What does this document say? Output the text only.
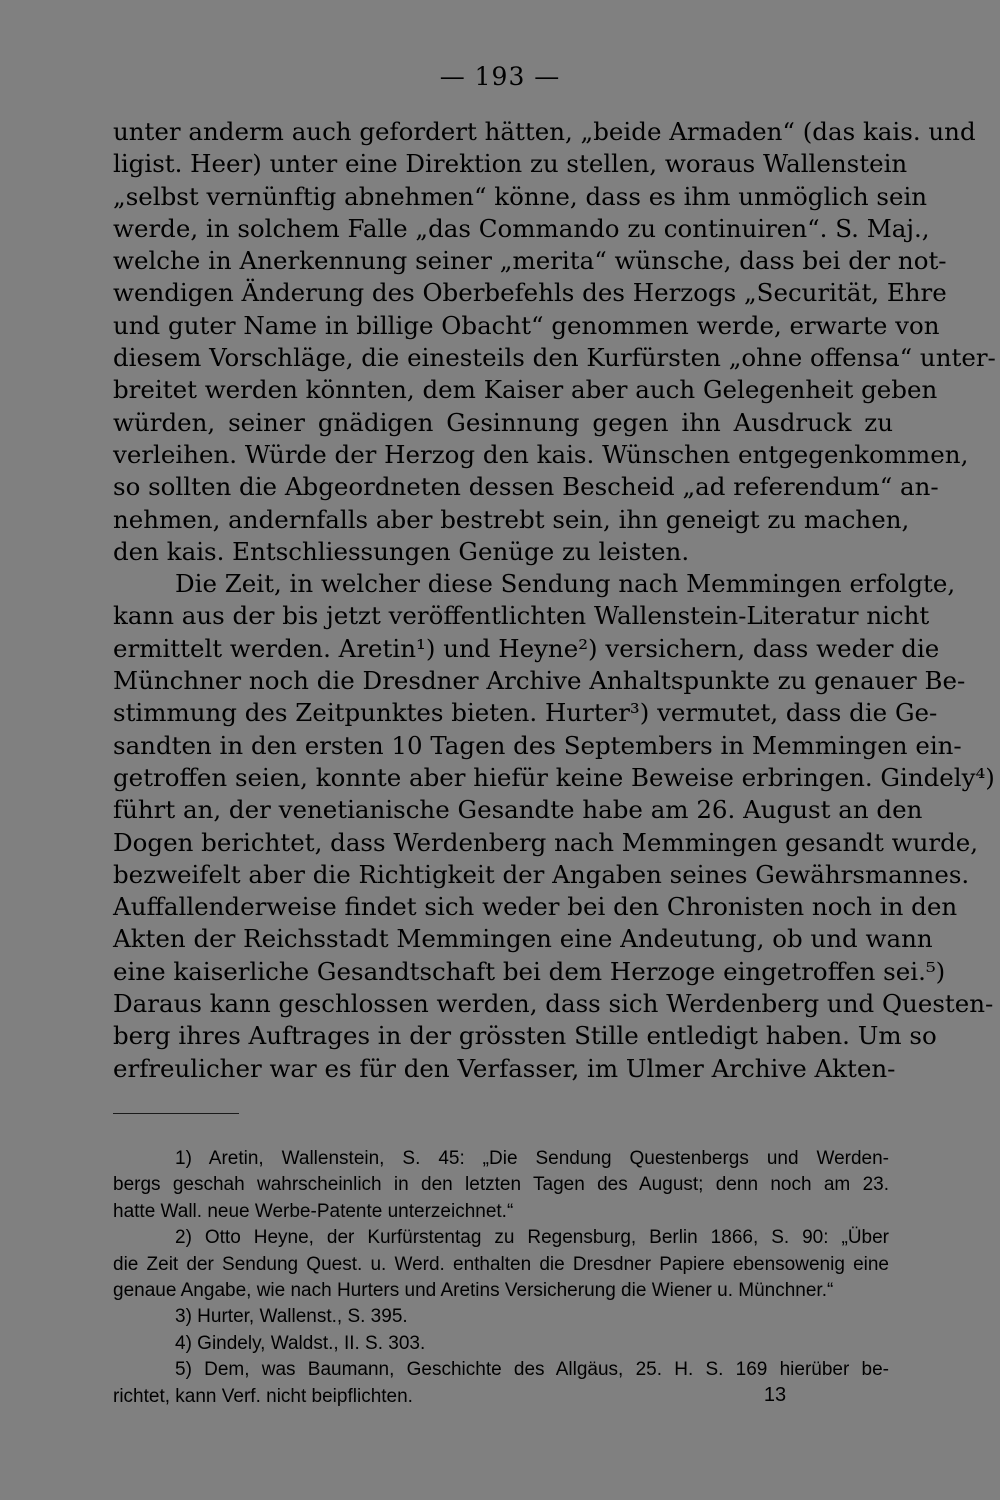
— 193 —
unter anderm auch gefordert hätten, „beide Armaden“ (das kais. und
ligist. Heer) unter eine Direktion zu stellen, woraus Wallenstein
„selbst vernünftig abnehmen“ könne, dass es ihm unmöglich sein
werde, in solchem Falle „das Commando zu continuiren“. S. Maj.,
welche in Anerkennung seiner „merita“ wünsche, dass bei der not-
wendigen Änderung des Oberbefehls des Herzogs „Securität, Ehre
und guter Name in billige Obacht“ genommen werde, erwarte von
diesem Vorschläge, die einesteils den Kurfürsten „ohne offensa“ unter-
breitet werden könnten, dem Kaiser aber auch Gelegenheit geben
würden, seiner gnädigen Gesinnung gegen ihn Ausdruck zu
verleihen. Würde der Herzog den kais. Wünschen entgegenkommen,
so sollten die Abgeordneten dessen Bescheid „ad referendum“ an-
nehmen, andernfalls aber bestrebt sein, ihn geneigt zu machen,
den kais. Entschliessungen Genüge zu leisten.
Die Zeit, in welcher diese Sendung nach Memmingen erfolgte,
kann aus der bis jetzt veröffentlichten Wallenstein-Literatur nicht
ermittelt werden. Aretin¹) und Heyne²) versichern, dass weder die
Münchner noch die Dresdner Archive Anhaltspunkte zu genauer Be-
stimmung des Zeitpunktes bieten. Hurter³) vermutet, dass die Ge-
sandten in den ersten 10 Tagen des Septembers in Memmingen ein-
getroffen seien, konnte aber hiefür keine Beweise erbringen. Gindely⁴)
führt an, der venetianische Gesandte habe am 26. August an den
Dogen berichtet, dass Werdenberg nach Memmingen gesandt wurde,
bezweifelt aber die Richtigkeit der Angaben seines Gewährsmannes.
Auffallenderweise findet sich weder bei den Chronisten noch in den
Akten der Reichsstadt Memmingen eine Andeutung, ob und wann
eine kaiserliche Gesandtschaft bei dem Herzoge eingetroffen sei.⁵)
Daraus kann geschlossen werden, dass sich Werdenberg und Questen-
berg ihres Auftrages in der grössten Stille entledigt haben. Um so
erfreulicher war es für den Verfasser, im Ulmer Archive Akten-
1) Aretin, Wallenstein, S. 45: „Die Sendung Questenbergs und Werden-
bergs geschah wahrscheinlich in den letzten Tagen des August; denn noch am 23.
hatte Wall. neue Werbe-Patente unterzeichnet.“
2) Otto Heyne, der Kurfürstentag zu Regensburg, Berlin 1866, S. 90: „Über
die Zeit der Sendung Quest. u. Werd. enthalten die Dresdner Papiere ebensowenig eine
genaue Angabe, wie nach Hurters und Aretins Versicherung die Wiener u. Münchner.“
3) Hurter, Wallenst., S. 395.
4) Gindely, Waldst., II. S. 303.
5) Dem, was Baumann, Geschichte des Allgäus, 25. H. S. 169 hierüber be-
richtet, kann Verf. nicht beipflichten.	13
